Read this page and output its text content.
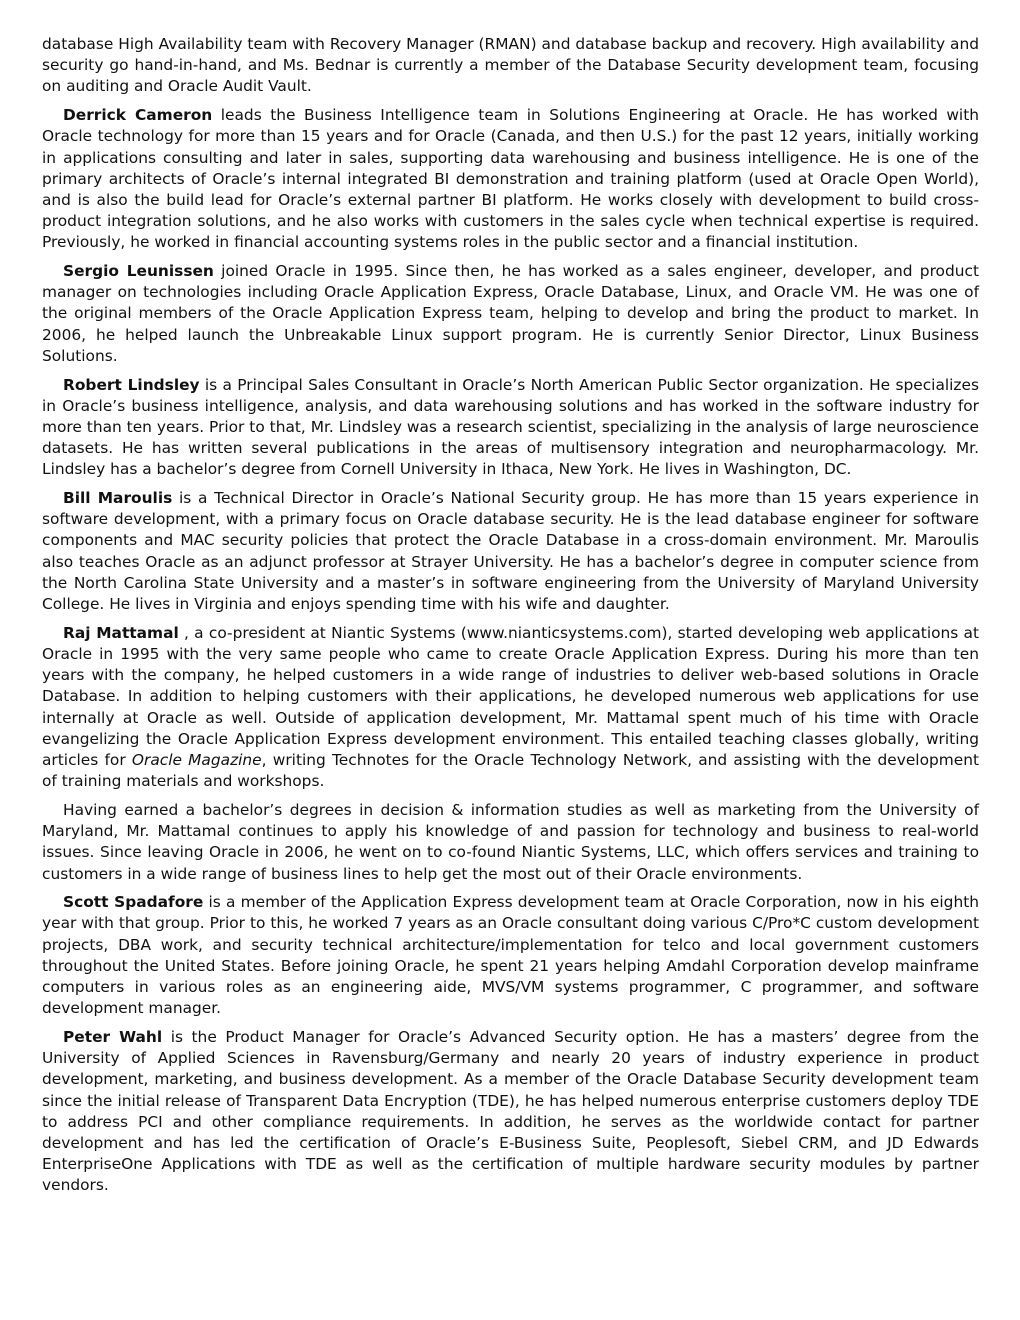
database High Availability team with Recovery Manager (RMAN) and database backup and recovery. High availability and security go hand-in-hand, and Ms. Bednar is currently a member of the Database Security development team, focusing on auditing and Oracle Audit Vault.

Derrick Cameron leads the Business Intelligence team in Solutions Engineering at Oracle. He has worked with Oracle technology for more than 15 years and for Oracle (Canada, and then U.S.) for the past 12 years, initially working in applications consulting and later in sales, supporting data warehousing and business intelligence. He is one of the primary architects of Oracle’s internal integrated BI demonstration and training platform (used at Oracle Open World), and is also the build lead for Oracle’s external partner BI platform. He works closely with development to build cross-product integration solutions, and he also works with customers in the sales cycle when technical expertise is required. Previously, he worked in financial accounting systems roles in the public sector and a financial institution.

Sergio Leunissen joined Oracle in 1995. Since then, he has worked as a sales engineer, developer, and product manager on technologies including Oracle Application Express, Oracle Database, Linux, and Oracle VM. He was one of the original members of the Oracle Application Express team, helping to develop and bring the product to market. In 2006, he helped launch the Unbreakable Linux support program. He is currently Senior Director, Linux Business Solutions.

Robert Lindsley is a Principal Sales Consultant in Oracle’s North American Public Sector organization. He specializes in Oracle’s business intelligence, analysis, and data warehousing solutions and has worked in the software industry for more than ten years. Prior to that, Mr. Lindsley was a research scientist, specializing in the analysis of large neuroscience datasets. He has written several publications in the areas of multisensory integration and neuropharmacology. Mr. Lindsley has a bachelor’s degree from Cornell University in Ithaca, New York. He lives in Washington, DC.

Bill Maroulis is a Technical Director in Oracle’s National Security group. He has more than 15 years experience in software development, with a primary focus on Oracle database security. He is the lead database engineer for software components and MAC security policies that protect the Oracle Database in a cross-domain environment. Mr. Maroulis also teaches Oracle as an adjunct professor at Strayer University. He has a bachelor’s degree in computer science from the North Carolina State University and a master’s in software engineering from the University of Maryland University College. He lives in Virginia and enjoys spending time with his wife and daughter.

Raj Mattamal , a co-president at Niantic Systems (www.nianticsystems.com), started developing web applications at Oracle in 1995 with the very same people who came to create Oracle Application Express. During his more than ten years with the company, he helped customers in a wide range of industries to deliver web-based solutions in Oracle Database. In addition to helping customers with their applications, he developed numerous web applications for use internally at Oracle as well. Outside of application development, Mr. Mattamal spent much of his time with Oracle evangelizing the Oracle Application Express development environment. This entailed teaching classes globally, writing articles for Oracle Magazine, writing Technotes for the Oracle Technology Network, and assisting with the development of training materials and workshops.

Having earned a bachelor’s degrees in decision & information studies as well as marketing from the University of Maryland, Mr. Mattamal continues to apply his knowledge of and passion for technology and business to real-world issues. Since leaving Oracle in 2006, he went on to co-found Niantic Systems, LLC, which offers services and training to customers in a wide range of business lines to help get the most out of their Oracle environments.

Scott Spadafore is a member of the Application Express development team at Oracle Corporation, now in his eighth year with that group. Prior to this, he worked 7 years as an Oracle consultant doing various C/Pro*C custom development projects, DBA work, and security technical architecture/implementation for telco and local government customers throughout the United States. Before joining Oracle, he spent 21 years helping Amdahl Corporation develop mainframe computers in various roles as an engineering aide, MVS/VM systems programmer, C programmer, and software development manager.

Peter Wahl is the Product Manager for Oracle’s Advanced Security option. He has a masters’ degree from the University of Applied Sciences in Ravensburg/Germany and nearly 20 years of industry experience in product development, marketing, and business development. As a member of the Oracle Database Security development team since the initial release of Transparent Data Encryption (TDE), he has helped numerous enterprise customers deploy TDE to address PCI and other compliance requirements. In addition, he serves as the worldwide contact for partner development and has led the certification of Oracle’s E-Business Suite, Peoplesoft, Siebel CRM, and JD Edwards EnterpriseOne Applications with TDE as well as the certification of multiple hardware security modules by partner vendors.
